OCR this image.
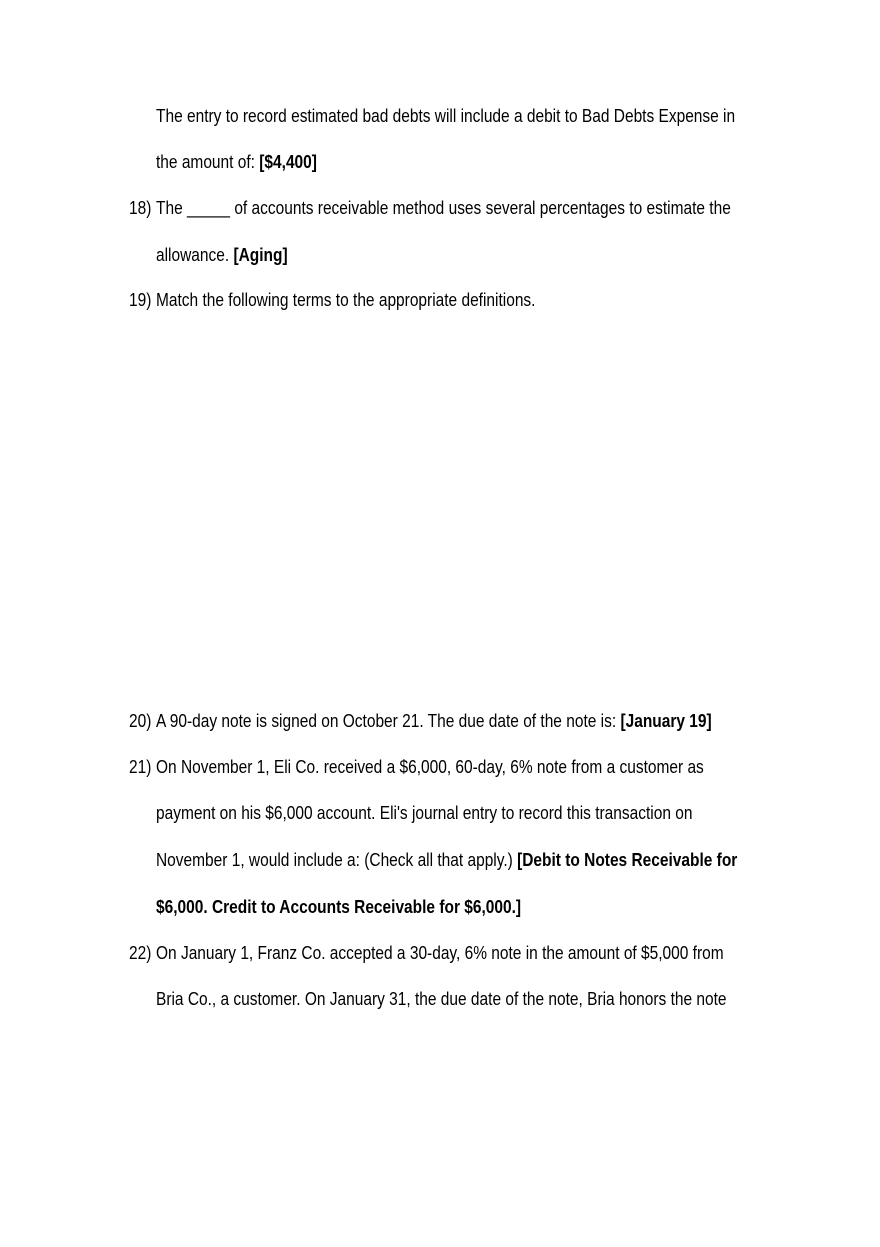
The entry to record estimated bad debts will include a debit to Bad Debts Expense in

the amount of: [$4,400]

18) The _____ of accounts receivable method uses several percentages to estimate the

allowance. [Aging]

19) Match the following terms to the appropriate definitions.

20) A 90-day note is signed on October 21. The due date of the note is: [January 19]

21) On November 1, Eli Co. received a $6,000, 60-day, 6% note from a customer as

payment on his $6,000 account. Eli's journal entry to record this transaction on

November 1, would include a: (Check all that apply.) [Debit to Notes Receivable for

$6,000. Credit to Accounts Receivable for $6,000.]

22) On January 1, Franz Co. accepted a 30-day, 6% note in the amount of $5,000 from

Bria Co., a customer. On January 31, the due date of the note, Bria honors the note
